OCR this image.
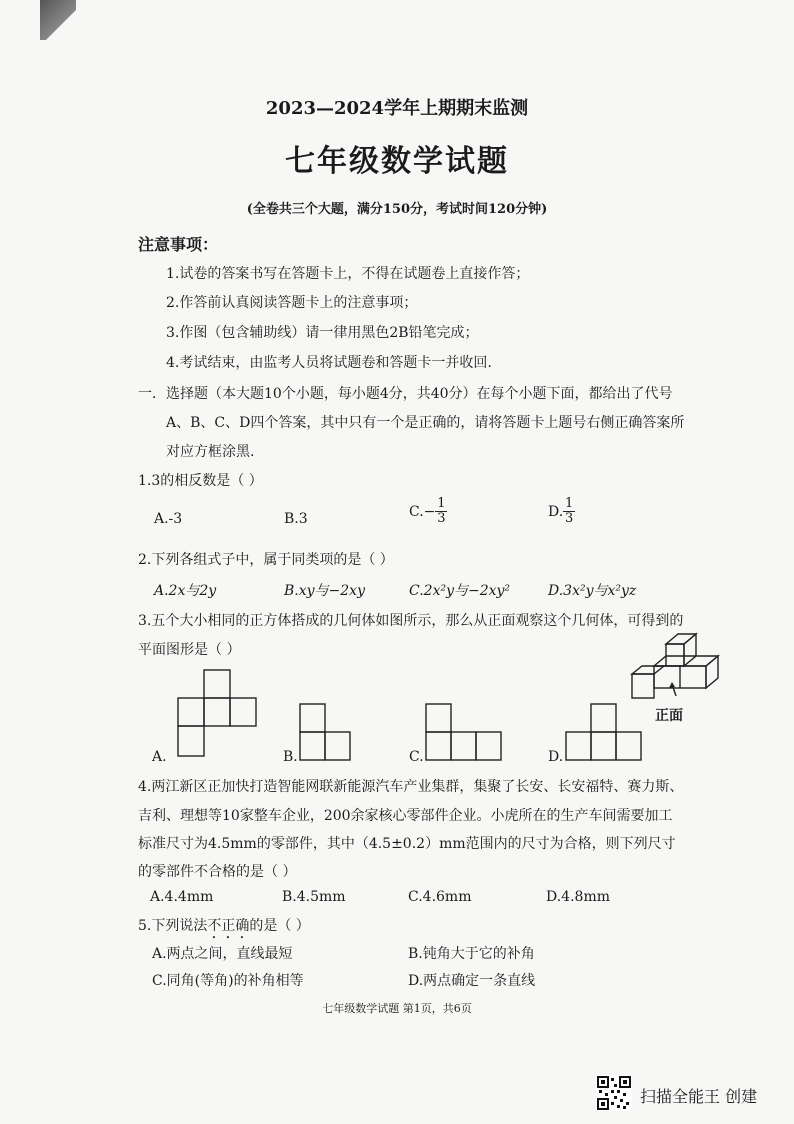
2023—2024学年上期期末监测
七年级数学试题
(全卷共三个大题，满分150分，考试时间120分钟)
注意事项：
1.试卷的答案书写在答题卡上，不得在试题卷上直接作答；
2.作答前认真阅读答题卡上的注意事项；
3.作图（包含辅助线）请一律用黑色2B铅笔完成；
4.考试结束，由监考人员将试题卷和答题卡一并收回.
一．选择题（本大题10个小题，每小题4分，共40分）在每个小题下面，都给出了代号
A、B、C、D四个答案，其中只有一个是正确的，请将答题卡上题号右侧正确答案所
对应方框涂黑.
1.3的相反数是（ ）
A.-3	B.3	$C.- \frac{1}{3}$	D. $\frac{1}{3}$
2.下列各组式子中，属于同类项的是（ ）
A.2x与2y	B.xy与−2xy	C.2x²y与−2xy²	D.3x²y与x²yz
3.五个大小相同的正方体搭成的几何体如图所示，那么从正面观察这个几何体，可得到的
平面图形是（ ）
正面
A.	B.	C.	D.
4.两江新区正加快打造智能网联新能源汽车产业集群，集聚了长安、长安福特、赛力斯、
吉利、理想等10家整车企业，200余家核心零部件企业。小虎所在的生产车间需要加工
标准尺寸为4.5mm的零部件，其中（4.5±0.2）mm范围内的尺寸为合格，则下列尺寸
的零部件不合格的是（ ）
A.4.4mm	B.4.5mm	C.4.6mm	D.4.8mm
5.下列说法不正确的是（ ）
A.两点之间，直线最短	B.钝角大于它的补角
C.同角(等角)的补角相等	D.两点确定一条直线
七年级数学试题 第1页，共6页
扫描全能王 创建
